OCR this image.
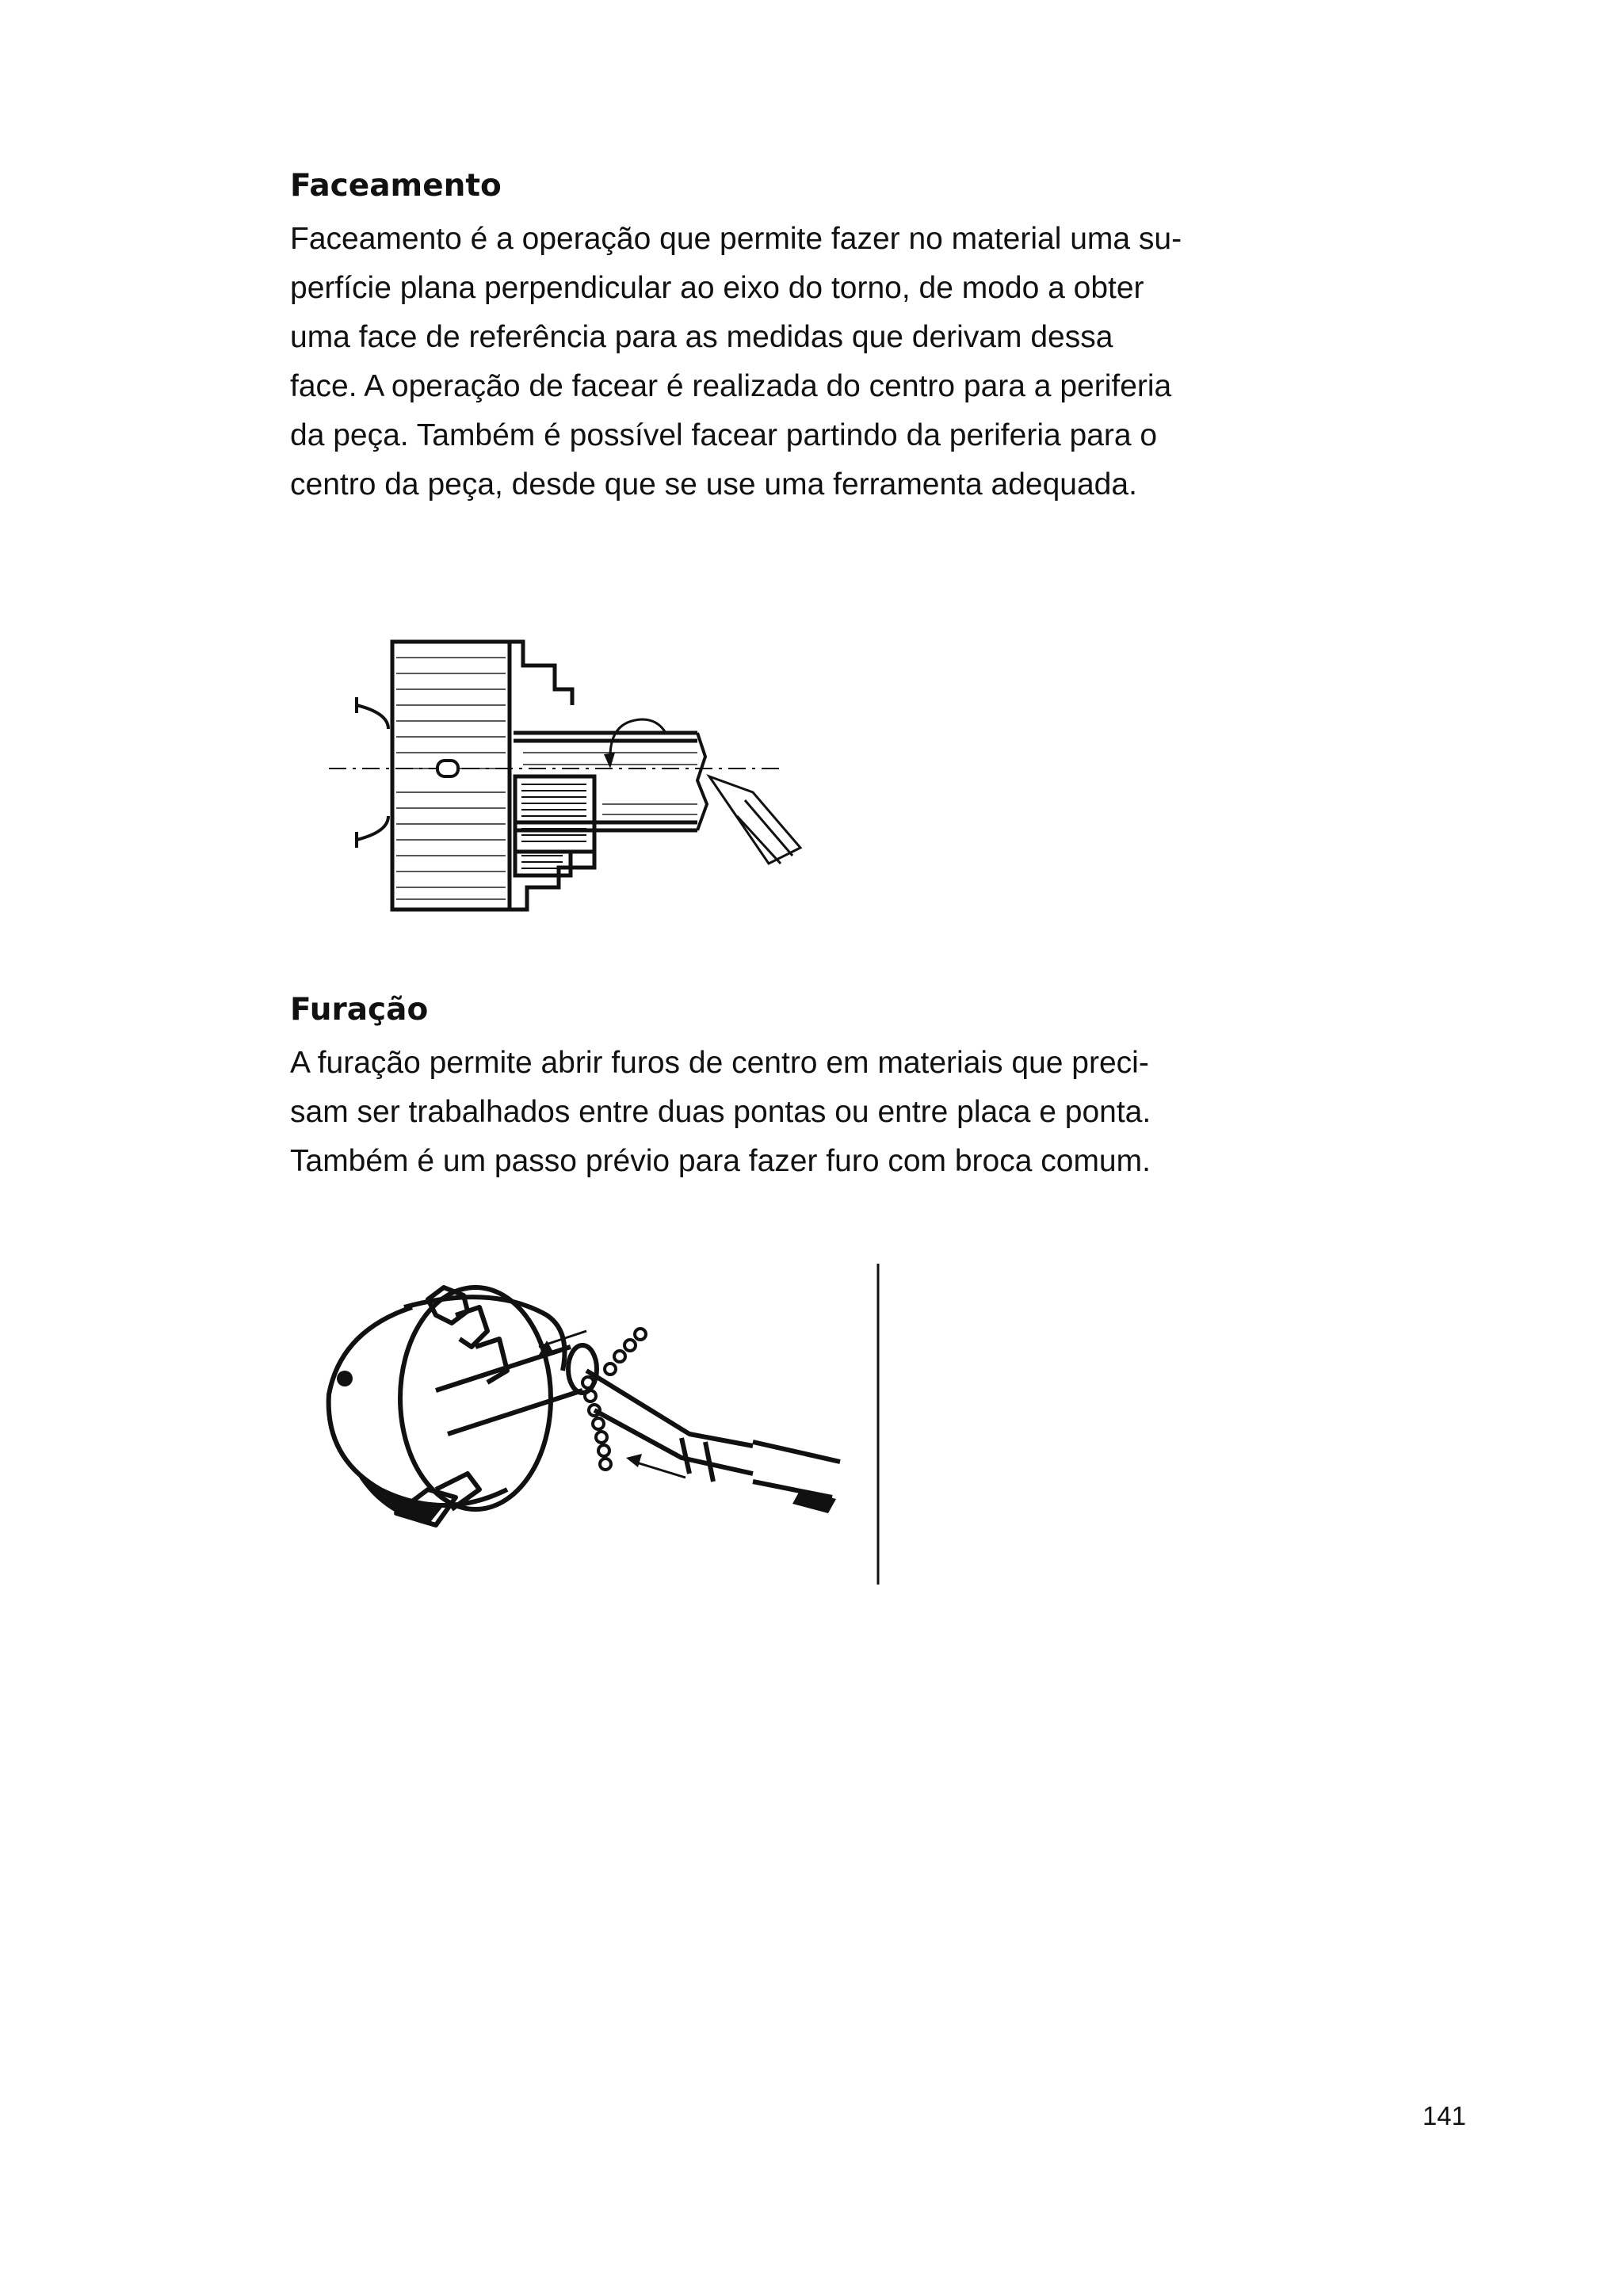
Faceamento
Faceamento é a operação que permite fazer no material uma su-
perfície plana perpendicular ao eixo do torno, de modo a obter
uma face de referência para as medidas que derivam dessa
face. A operação de facear é realizada do centro para a periferia
da peça. Também é possível facear partindo da periferia para o
centro da peça, desde que se use uma ferramenta adequada.
Furação
A furação permite abrir furos de centro em materiais que preci-
sam ser trabalhados entre duas pontas ou entre placa e ponta.
Também é um passo prévio para fazer furo com broca comum.
141
